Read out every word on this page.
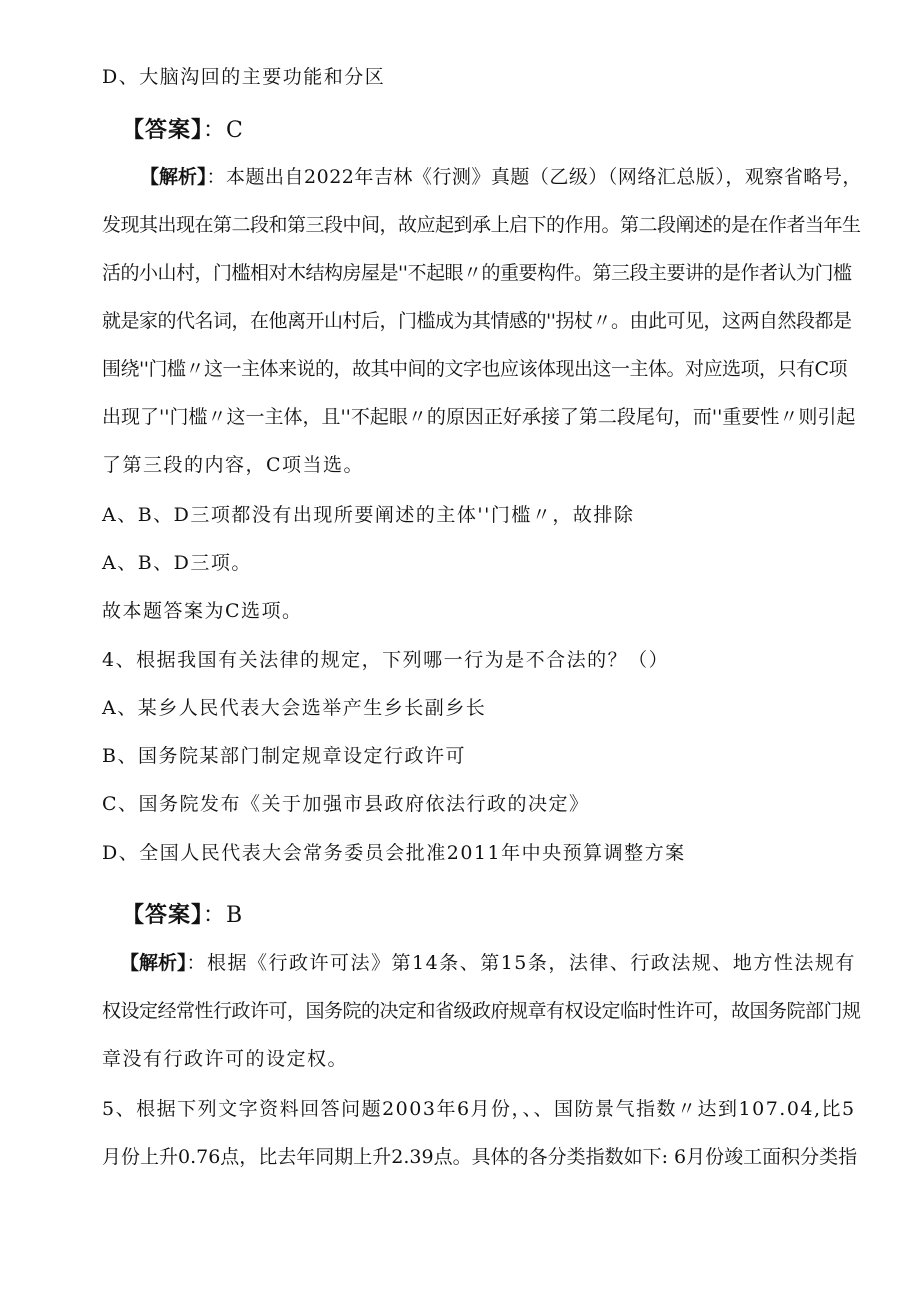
D、大脑沟回的主要功能和分区
【答案】：C
【解析】：本题出自2022年吉林《行测》真题（乙级）（网络汇总版），观察省略号，
发现其出现在第二段和第三段中间，故应起到承上启下的作用。第二段阐述的是在作者当年生
活的小山村，门槛相对木结构房屋是''不起眼〃的重要构件。第三段主要讲的是作者认为门槛
就是家的代名词，在他离开山村后，门槛成为其情感的''拐杖〃。由此可见，这两自然段都是
围绕''门槛〃这一主体来说的，故其中间的文字也应该体现出这一主体。对应选项，只有C项
出现了''门槛〃这一主体，且''不起眼〃的原因正好承接了第二段尾句，而''重要性〃则引起
了第三段的内容，C项当选。
A、B、D三项都没有出现所要阐述的主体''门槛〃，故排除
A、B、D三项。
故本题答案为C选项。
4、根据我国有关法律的规定，下列哪一行为是不合法的？（）
A、某乡人民代表大会选举产生乡长副乡长
B、国务院某部门制定规章设定行政许可
C、国务院发布《关于加强市县政府依法行政的决定》
D、全国人民代表大会常务委员会批准2011年中央预算调整方案
【答案】：B
【解析】：根据《行政许可法》第14条、第15条，法律、行政法规、地方性法规有
权设定经常性行政许可，国务院的决定和省级政府规章有权设定临时性许可，故国务院部门规
章没有行政许可的设定权。
5、根据下列文字资料回答问题2003年6月份，、、国防景气指数〃达到107.04,比5
月份上升0.76点，比去年同期上升2.39点。具体的各分类指数如下: 6月份竣工面积分类指
